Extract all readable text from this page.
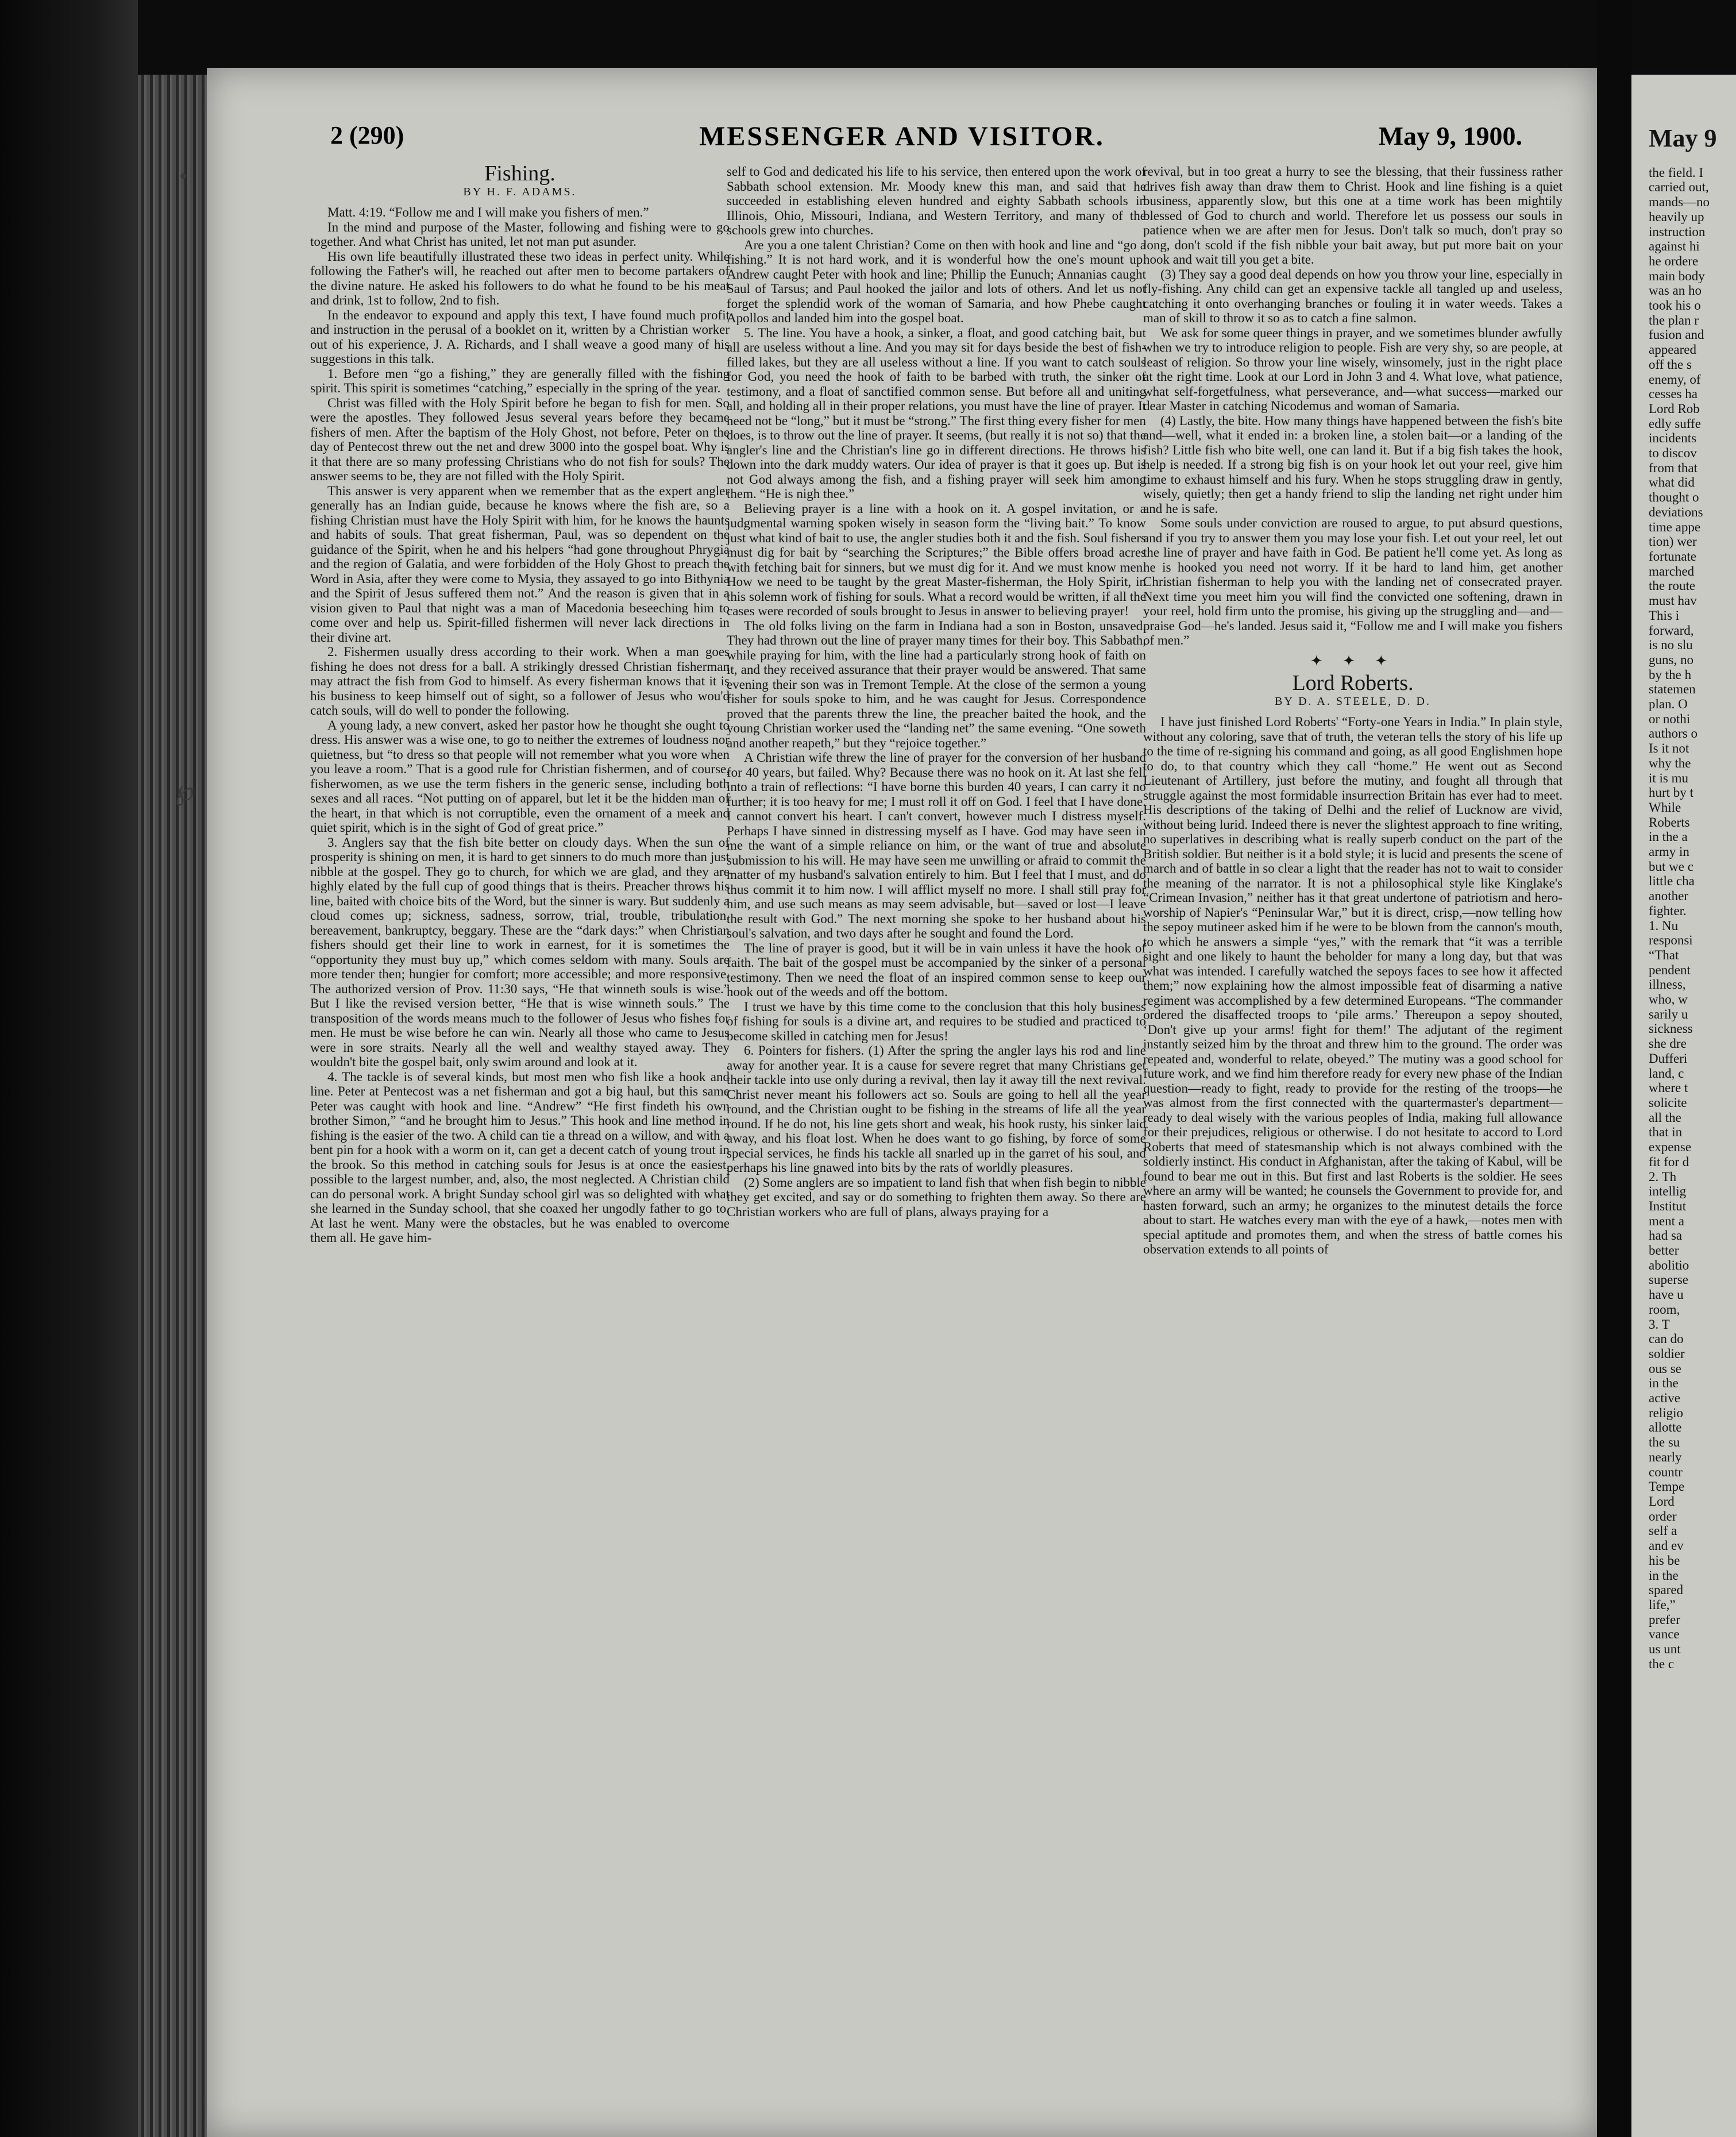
•
℘
2 (290)	MESSENGER AND VISITOR.	May 9, 1900.
Fishing.
BY H. F. ADAMS.

Matt. 4:19. “Follow me and I will make you fishers of men.”

In the mind and purpose of the Master, following and fishing were to go together. And what Christ has united, let not man put asunder.

His own life beautifully illustrated these two ideas in perfect unity. While following the Father's will, he reached out after men to become partakers of the divine nature. He asked his followers to do what he found to be his meat and drink, 1st to follow, 2nd to fish.

In the endeavor to expound and apply this text, I have found much profit and instruction in the perusal of a booklet on it, written by a Christian worker out of his experience, J. A. Richards, and I shall weave a good many of his suggestions in this talk.

1. Before men “go a fishing,” they are generally filled with the fishing spirit. This spirit is sometimes “catching,” especially in the spring of the year.

Christ was filled with the Holy Spirit before he began to fish for men. So were the apostles. They followed Jesus several years before they became fishers of men. After the baptism of the Holy Ghost, not before, Peter on the day of Pentecost threw out the net and drew 3000 into the gospel boat. Why is it that there are so many professing Christians who do not fish for souls? The answer seems to be, they are not filled with the Holy Spirit.

This answer is very apparent when we remember that as the expert angler generally has an Indian guide, because he knows where the fish are, so a fishing Christian must have the Holy Spirit with him, for he knows the haunts and habits of souls. That great fisherman, Paul, was so dependent on the guidance of the Spirit, when he and his helpers “had gone throughout Phrygia and the region of Galatia, and were forbidden of the Holy Ghost to preach the Word in Asia, after they were come to Mysia, they assayed to go into Bithynia and the Spirit of Jesus suffered them not.” And the reason is given that in a vision given to Paul that night was a man of Macedonia beseeching him to come over and help us. Spirit-filled fishermen will never lack directions in their divine art.

2. Fishermen usually dress according to their work. When a man goes fishing he does not dress for a ball. A strikingly dressed Christian fisherman may attract the fish from God to himself. As every fisherman knows that it is his business to keep himself out of sight, so a follower of Jesus who wou'd catch souls, will do well to ponder the following.

A young lady, a new convert, asked her pastor how he thought she ought to dress. His answer was a wise one, to go to neither the extremes of loudness nor quietness, but “to dress so that people will not remember what you wore when you leave a room.” That is a good rule for Christian fishermen, and of course, fisherwomen, as we use the term fishers in the generic sense, including both sexes and all races. “Not putting on of apparel, but let it be the hidden man of the heart, in that which is not corruptible, even the ornament of a meek and quiet spirit, which is in the sight of God of great price.”

3. Anglers say that the fish bite better on cloudy days. When the sun of prosperity is shining on men, it is hard to get sinners to do much more than just nibble at the gospel. They go to church, for which we are glad, and they are highly elated by the full cup of good things that is theirs. Preacher throws his line, baited with choice bits of the Word, but the sinner is wary. But suddenly a cloud comes up; sickness, sadness, sorrow, trial, trouble, tribulation, bereavement, bankruptcy, beggary. These are the “dark days:” when Christian fishers should get their line to work in earnest, for it is sometimes the “opportunity they must buy up,” which comes seldom with many. Souls are more tender then; hungier for comfort; more accessible; and more responsive. The authorized version of Prov. 11:30 says, “He that winneth souls is wise.” But I like the revised version better, “He that is wise winneth souls.” The transposition of the words means much to the follower of Jesus who fishes for men. He must be wise before he can win. Nearly all those who came to Jesus were in sore straits. Nearly all the well and wealthy stayed away. They wouldn't bite the gospel bait, only swim around and look at it.

4. The tackle is of several kinds, but most men who fish like a hook and line. Peter at Pentecost was a net fisherman and got a big haul, but this same Peter was caught with hook and line. “Andrew” “He first findeth his own brother Simon,” “and he brought him to Jesus.” This hook and line method in fishing is the easier of the two. A child can tie a thread on a willow, and with a bent pin for a hook with a worm on it, can get a decent catch of young trout in the brook. So this method in catching souls for Jesus is at once the easiest, possible to the largest number, and, also, the most neglected. A Christian child can do personal work. A bright Sunday school girl was so delighted with what she learned in the Sunday school, that she coaxed her ungodly father to go to. At last he went. Many were the obstacles, but he was enabled to overcome them all. He gave him-

self to God and dedicated his life to his service, then entered upon the work of Sabbath school extension. Mr. Moody knew this man, and said that he succeeded in establishing eleven hundred and eighty Sabbath schools in Illinois, Ohio, Missouri, Indiana, and Western Territory, and many of the schools grew into churches.

Are you a one talent Christian? Come on then with hook and line and “go a fishing.” It is not hard work, and it is wonderful how the one's mount up. Andrew caught Peter with hook and line; Phillip the Eunuch; Annanias caught Saul of Tarsus; and Paul hooked the jailor and lots of others. And let us not forget the splendid work of the woman of Samaria, and how Phebe caught Apollos and landed him into the gospel boat.

5. The line. You have a hook, a sinker, a float, and good catching bait, but all are useless without a line. And you may sit for days beside the best of fish-filled lakes, but they are all useless without a line. If you want to catch souls for God, you need the hook of faith to be barbed with truth, the sinker of testimony, and a float of sanctified common sense. But before all and uniting all, and holding all in their proper relations, you must have the line of prayer. It need not be “long,” but it must be “strong.” The first thing every fisher for men does, is to throw out the line of prayer. It seems, (but really it is not so) that the angler's line and the Christian's line go in different directions. He throws his down into the dark muddy waters. Our idea of prayer is that it goes up. But is not God always among the fish, and a fishing prayer will seek him among them. “He is nigh thee.”

Believing prayer is a line with a hook on it. A gospel invitation, or a judgmental warning spoken wisely in season form the “living bait.” To know just what kind of bait to use, the angler studies both it and the fish. Soul fishers must dig for bait by “searching the Scriptures;” the Bible offers broad acres with fetching bait for sinners, but we must dig for it. And we must know men. How we need to be taught by the great Master-fisherman, the Holy Spirit, in this solemn work of fishing for souls. What a record would be written, if all the cases were recorded of souls brought to Jesus in answer to believing prayer!

The old folks living on the farm in Indiana had a son in Boston, unsaved. They had thrown out the line of prayer many times for their boy. This Sabbath, while praying for him, with the line had a particularly strong hook of faith on it, and they received assurance that their prayer would be answered. That same evening their son was in Tremont Temple. At the close of the sermon a young fisher for souls spoke to him, and he was caught for Jesus. Correspondence proved that the parents threw the line, the preacher baited the hook, and the young Christian worker used the “landing net” the same evening. “One soweth and another reapeth,” but they “rejoice together.”

A Christian wife threw the line of prayer for the conversion of her husband for 40 years, but failed. Why? Because there was no hook on it. At last she fell into a train of reflections: “I have borne this burden 40 years, I can carry it no further; it is too heavy for me; I must roll it off on God. I feel that I have done. I cannot convert his heart. I can't convert, however much I distress myself. Perhaps I have sinned in distressing myself as I have. God may have seen in me the want of a simple reliance on him, or the want of true and absolute submission to his will. He may have seen me unwilling or afraid to commit the matter of my husband's salvation entirely to him. But I feel that I must, and do thus commit it to him now. I will afflict myself no more. I shall still pray for him, and use such means as may seem advisable, but—saved or lost—I leave the result with God.” The next morning she spoke to her husband about his soul's salvation, and two days after he sought and found the Lord.

The line of prayer is good, but it will be in vain unless it have the hook of faith. The bait of the gospel must be accompanied by the sinker of a personal testimony. Then we need the float of an inspired common sense to keep our hook out of the weeds and off the bottom.

I trust we have by this time come to the conclusion that this holy business of fishing for souls is a divine art, and requires to be studied and practiced to become skilled in catching men for Jesus!

6. Pointers for fishers. (1) After the spring the angler lays his rod and line away for another year. It is a cause for severe regret that many Christians get their tackle into use only during a revival, then lay it away till the next revival. Christ never meant his followers act so. Souls are going to hell all the year round, and the Christian ought to be fishing in the streams of life all the year round. If he do not, his line gets short and weak, his hook rusty, his sinker laid away, and his float lost. When he does want to go fishing, by force of some special services, he finds his tackle all snarled up in the garret of his soul, and perhaps his line gnawed into bits by the rats of worldly pleasures.

(2) Some anglers are so impatient to land fish that when fish begin to nibble they get excited, and say or do something to frighten them away. So there are Christian workers who are full of plans, always praying for a

revival, but in too great a hurry to see the blessing, that their fussiness rather drives fish away than draw them to Christ. Hook and line fishing is a quiet business, apparently slow, but this one at a time work has been mightily blessed of God to church and world. Therefore let us possess our souls in patience when we are after men for Jesus. Don't talk so much, don't pray so long, don't scold if the fish nibble your bait away, but put more bait on your hook and wait till you get a bite.

(3) They say a good deal depends on how you throw your line, especially in fly-fishing. Any child can get an expensive tackle all tangled up and useless, catching it onto overhanging branches or fouling it in water weeds. Takes a man of skill to throw it so as to catch a fine salmon.

We ask for some queer things in prayer, and we sometimes blunder awfully when we try to introduce religion to people. Fish are very shy, so are people, at least of religion. So throw your line wisely, winsomely, just in the right place at the right time. Look at our Lord in John 3 and 4. What love, what patience, what self-forgetfulness, what perseverance, and—what success—marked our dear Master in catching Nicodemus and woman of Samaria.

(4) Lastly, the bite. How many things have happened between the fish's bite and—well, what it ended in: a broken line, a stolen bait—or a landing of the fish? Little fish who bite well, one can land it. But if a big fish takes the hook, help is needed. If a strong big fish is on your hook let out your reel, give him time to exhaust himself and his fury. When he stops struggling draw in gently, wisely, quietly; then get a handy friend to slip the landing net right under him and he is safe.

Some souls under conviction are roused to argue, to put absurd questions, and if you try to answer them you may lose your fish. Let out your reel, let out the line of prayer and have faith in God. Be patient he'll come yet. As long as he is hooked you need not worry. If it be hard to land him, get another Christian fisherman to help you with the landing net of consecrated prayer. Next time you meet him you will find the convicted one softening, drawn in your reel, hold firm unto the promise, his giving up the struggling and—and—praise God—he's landed. Jesus said it, “Follow me and I will make you fishers of men.”

✦ ✦ ✦
Lord Roberts.
BY D. A. STEELE, D. D.

I have just finished Lord Roberts' “Forty-one Years in India.” In plain style, without any coloring, save that of truth, the veteran tells the story of his life up to the time of re-signing his command and going, as all good Englishmen hope to do, to that country which they call “home.” He went out as Second Lieutenant of Artillery, just before the mutiny, and fought all through that struggle against the most formidable insurrection Britain has ever had to meet. His descriptions of the taking of Delhi and the relief of Lucknow are vivid, without being lurid. Indeed there is never the slightest approach to fine writing, no superlatives in describing what is really superb conduct on the part of the British soldier. But neither is it a bold style; it is lucid and presents the scene of march and of battle in so clear a light that the reader has not to wait to consider the meaning of the narrator. It is not a philosophical style like Kinglake's “Crimean Invasion,” neither has it that great undertone of patriotism and hero-worship of Napier's “Peninsular War,” but it is direct, crisp,—now telling how the sepoy mutineer asked him if he were to be blown from the cannon's mouth, to which he answers a simple “yes,” with the remark that “it was a terrible sight and one likely to haunt the beholder for many a long day, but that was what was intended. I carefully watched the sepoys faces to see how it affected them;” now explaining how the almost impossible feat of disarming a native regiment was accomplished by a few determined Europeans. “The commander ordered the disaffected troops to ‘pile arms.’ Thereupon a sepoy shouted, ‘Don't give up your arms! fight for them!’ The adjutant of the regiment instantly seized him by the throat and threw him to the ground. The order was repeated and, wonderful to relate, obeyed.” The mutiny was a good school for future work, and we find him therefore ready for every new phase of the Indian question—ready to fight, ready to provide for the resting of the troops—he was almost from the first connected with the quartermaster's department—ready to deal wisely with the various peoples of India, making full allowance for their prejudices, religious or otherwise. I do not hesitate to accord to Lord Roberts that meed of statesmanship which is not always combined with the soldierly instinct. His conduct in Afghanistan, after the taking of Kabul, will be found to bear me out in this. But first and last Roberts is the soldier. He sees where an army will be wanted; he counsels the Government to provide for, and hasten forward, such an army; he organizes to the minutest details the force about to start. He watches every man with the eye of a hawk,—notes men with special aptitude and promotes them, and when the stress of battle comes his observation extends to all points of

May 9
the field. I
carried out,
mands—no
heavily up
instruction
against hi
he ordere
main body
was an ho
took his o
the plan r
fusion and
appeared
off the s
enemy, of
cesses ha
Lord Rob
edly suffe
incidents
to discov
from that
what did
thought o
deviations
time appe
tion) wer
fortunate
marched
the route
must hav
This i
forward,
is no slu
guns, no
by the h
statemen
plan. O
or nothi
authors o
Is it not
why the
it is mu
hurt by t
While
Roberts
in the a
army in
but we c
little cha
another
fighter.
1. Nu
responsi
“That
pendent
illness,
who, w
sarily u
sickness
she dre
Dufferi
land, c
where t
solicite
all the
that in
expense
fit for d
2. Th
intellig
Institut
ment a
had sa
better
abolitio
superse
have u
room,
3. T
can do
soldier
ous se
in the
active
religio
allotte
the su
nearly
countr
Tempe
Lord
order
self a
and ev
his be
in the
spared
life,”
prefer
vance
us unt
the c
